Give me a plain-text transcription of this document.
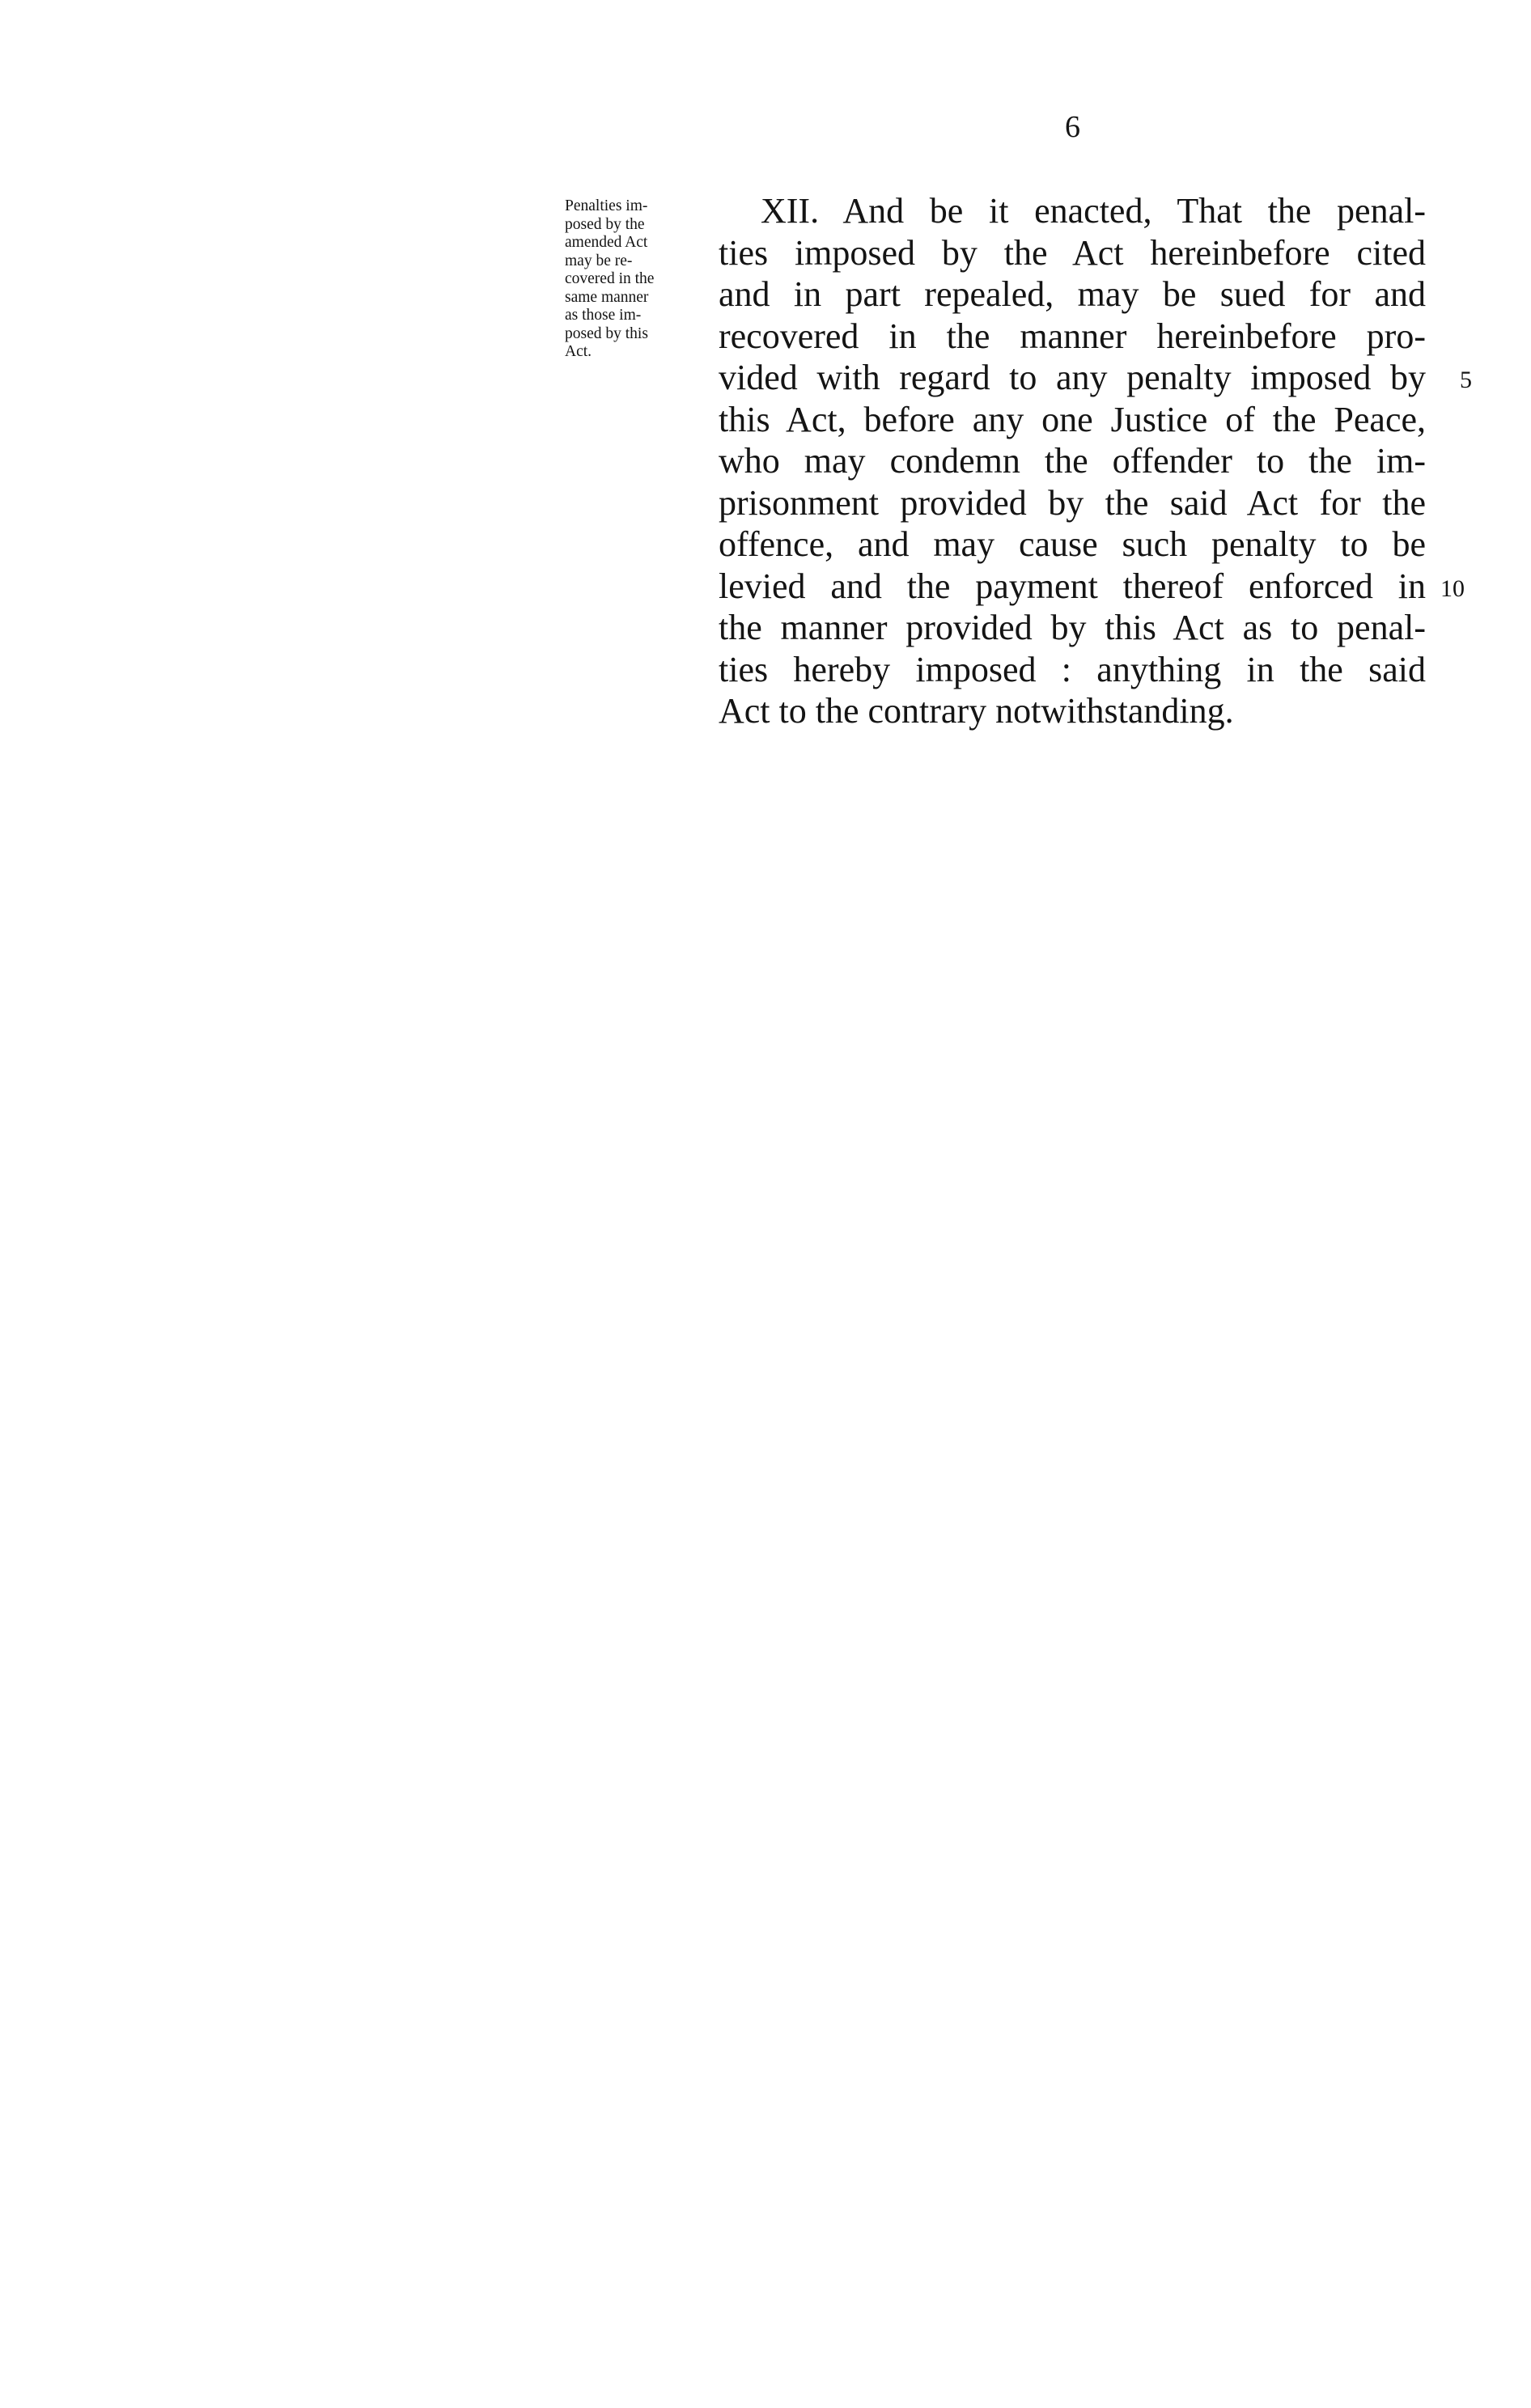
6
Penalties im-
posed by the
amended Act
may be re-
covered in the
same manner
as those im-
posed by this
Act.
XII. And be it enacted, That the penal-
ties imposed by the Act hereinbefore cited
and in part repealed, may be sued for and
recovered in the manner hereinbefore pro-
vided with regard to any penalty imposed by
this Act, before any one Justice of the Peace,
who may condemn the offender to the im-
prisonment provided by the said Act for the
offence, and may cause such penalty to be
levied and the payment thereof enforced in
the manner provided by this Act as to penal-
ties hereby imposed : anything in the said
Act to the contrary notwithstanding.
5
10
